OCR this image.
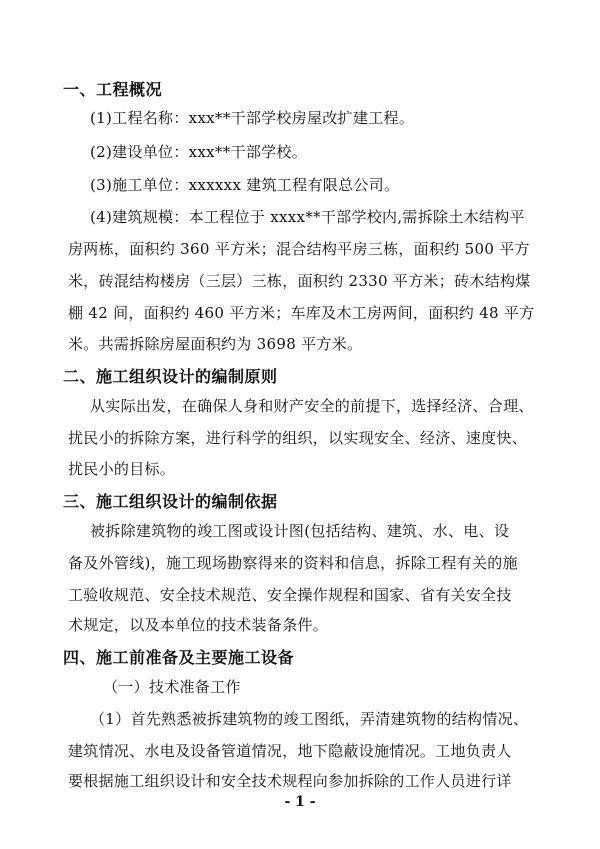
一、工程概况
(1)工程名称：xxx**干部学校房屋改扩建工程。
(2)建设单位：xxx**干部学校。
(3)施工单位：xxxxxx 建筑工程有限总公司。
(4)建筑规模：本工程位于 xxxx**干部学校内,需拆除土木结构平
房两栋，面积约 360 平方米；混合结构平房三栋，面积约 500 平方
米，砖混结构楼房（三层）三栋，面积约 2330 平方米；砖木结构煤
棚 42 间，面积约 460 平方米；车库及木工房两间，面积约 48 平方
米。共需拆除房屋面积约为 3698 平方米。
二、施工组织设计的编制原则
从实际出发，在确保人身和财产安全的前提下，选择经济、合理、
扰民小的拆除方案，进行科学的组织，以实现安全、经济、速度快、
扰民小的目标。
三、施工组织设计的编制依据
被拆除建筑物的竣工图或设计图(包括结构、建筑、水、电、设
备及外管线)，施工现场勘察得来的资料和信息，拆除工程有关的施
工验收规范、安全技术规范、安全操作规程和国家、省有关安全技
术规定，以及本单位的技术装备条件。
四、施工前准备及主要施工设备
（一）技术准备工作
（1）首先熟悉被拆建筑物的竣工图纸，弄清建筑物的结构情况、
建筑情况、水电及设备管道情况，地下隐蔽设施情况。工地负责人
要根据施工组织设计和安全技术规程向参加拆除的工作人员进行详
- 1 -
